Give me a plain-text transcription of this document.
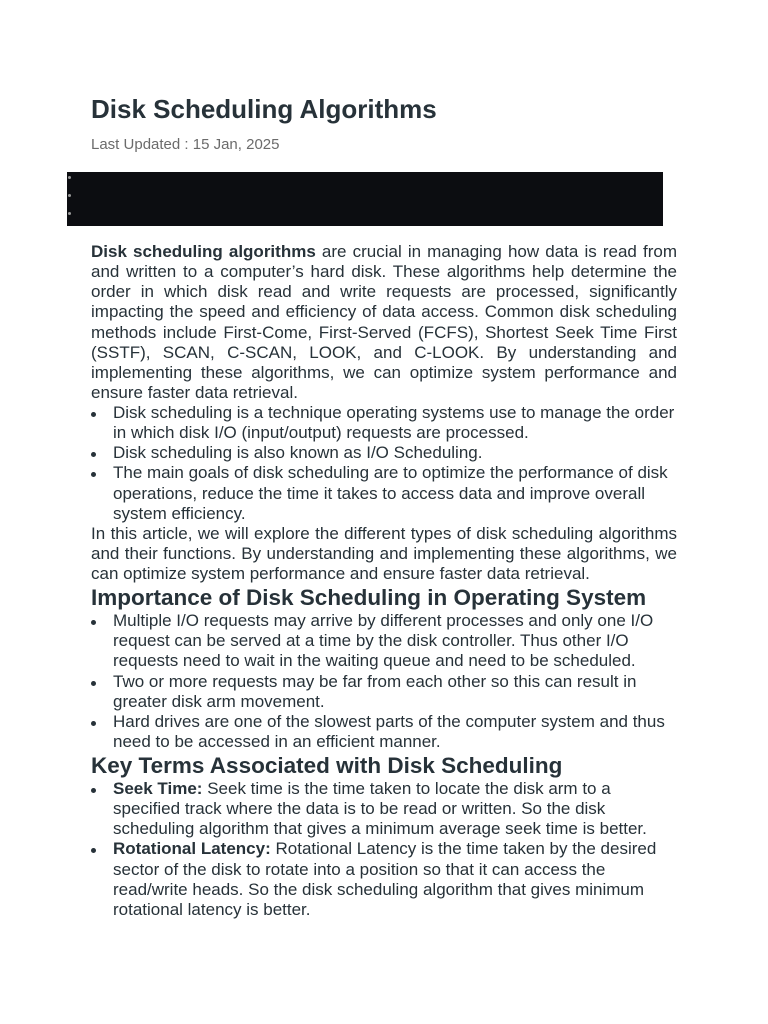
Disk Scheduling Algorithms
Last Updated : 15 Jan, 2025

Disk scheduling algorithms are crucial in managing how data is read from and written to a computer’s hard disk. These algorithms help determine the order in which disk read and write requests are processed, significantly impacting the speed and efficiency of data access. Common disk scheduling methods include First-Come, First-Served (FCFS), Shortest Seek Time First (SSTF), SCAN, C-SCAN, LOOK, and C-LOOK. By understanding and implementing these algorithms, we can optimize system performance and ensure faster data retrieval.

Disk scheduling is a technique operating systems use to manage the order in which disk I/O (input/output) requests are processed.
Disk scheduling is also known as I/O Scheduling.
The main goals of disk scheduling are to optimize the performance of disk operations, reduce the time it takes to access data and improve overall system efficiency.

In this article, we will explore the different types of disk scheduling algorithms and their functions. By understanding and implementing these algorithms, we can optimize system performance and ensure faster data retrieval.

Importance of Disk Scheduling in Operating System
Multiple I/O requests may arrive by different processes and only one I/O request can be served at a time by the disk controller. Thus other I/O requests need to wait in the waiting queue and need to be scheduled.
Two or more requests may be far from each other so this can result in greater disk arm movement.
Hard drives are one of the slowest parts of the computer system and thus need to be accessed in an efficient manner.
Key Terms Associated with Disk Scheduling
Seek Time: Seek time is the time taken to locate the disk arm to a specified track where the data is to be read or written. So the disk scheduling algorithm that gives a minimum average seek time is better.
Rotational Latency: Rotational Latency is the time taken by the desired sector of the disk to rotate into a position so that it can access the read/write heads. So the disk scheduling algorithm that gives minimum rotational latency is better.
